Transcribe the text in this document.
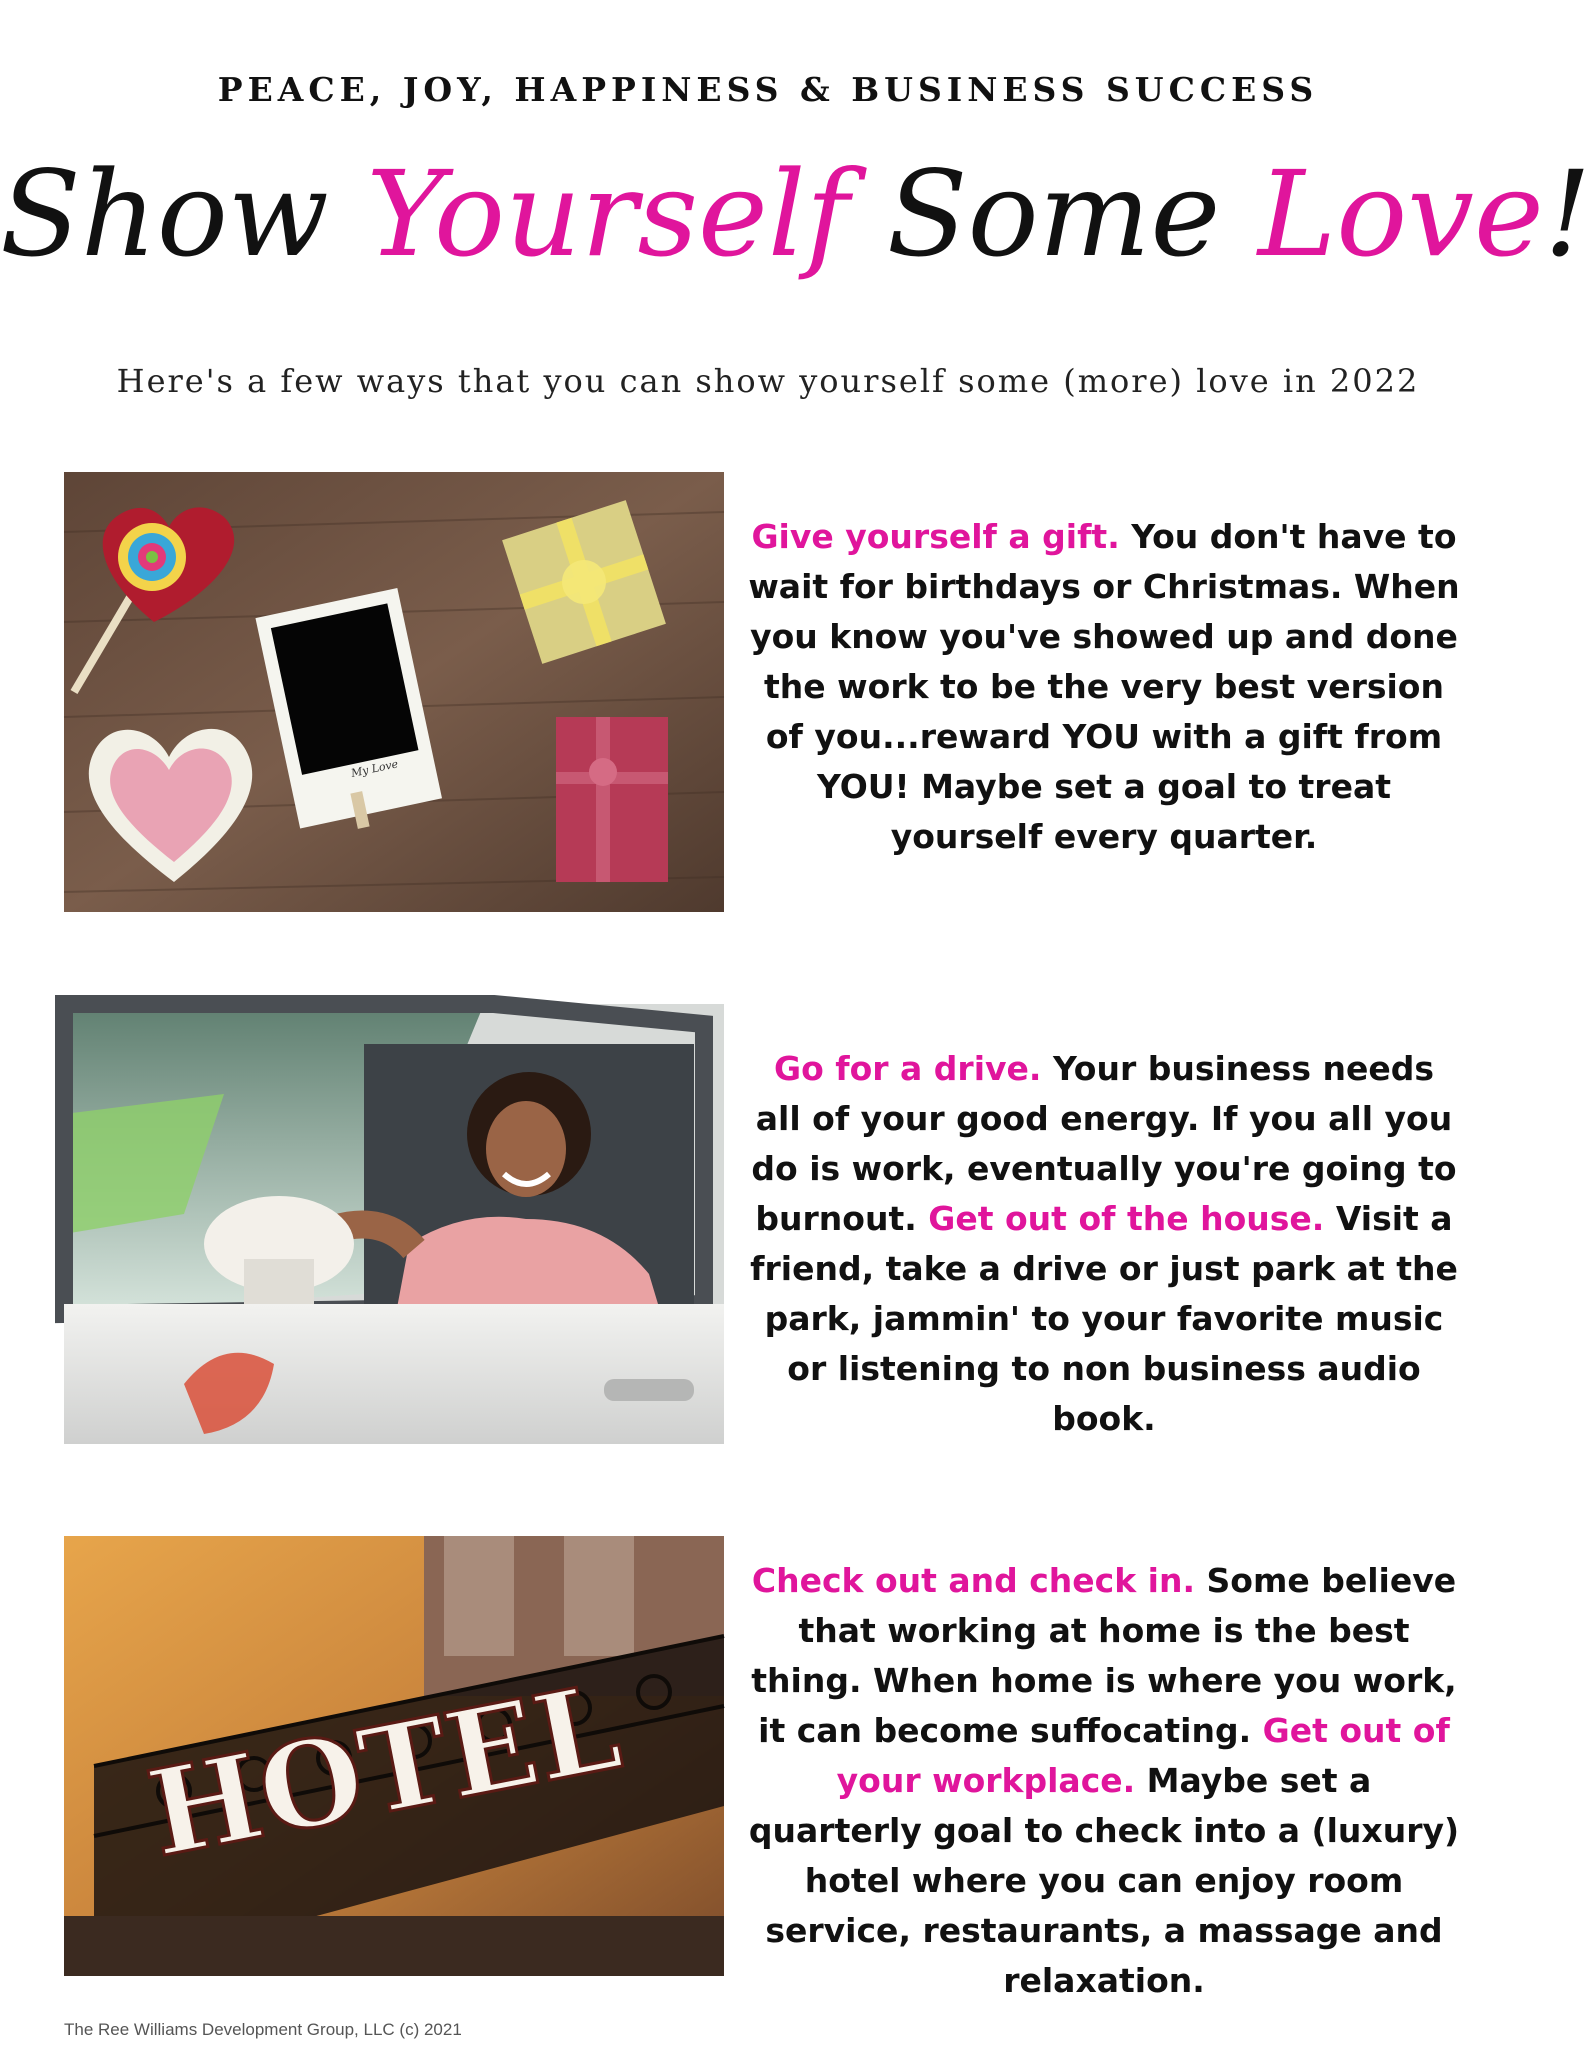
PEACE, JOY, HAPPINESS & BUSINESS SUCCESS
Show Yourself Some Love!
Here's a few ways that you can show yourself some (more) love in 2022
My Love
Give yourself a gift. You don't have to wait for birthdays or Christmas. When you know you've showed up and done the work to be the very best version of you...reward YOU with a gift from YOU! Maybe set a goal to treat yourself every quarter.
Go for a drive. Your business needs all of your good energy. If you all you do is work, eventually you're going to burnout. Get out of the house. Visit a friend, take a drive or just park at the park, jammin' to your favorite music or listening to non business audio book.
HOTEL
Check out and check in. Some believe that working at home is the best thing. When home is where you work, it can become suffocating. Get out of your workplace. Maybe set a quarterly goal to check into a (luxury) hotel where you can enjoy room service, restaurants, a massage and relaxation.
The Ree Williams Development Group, LLC (c) 2021
